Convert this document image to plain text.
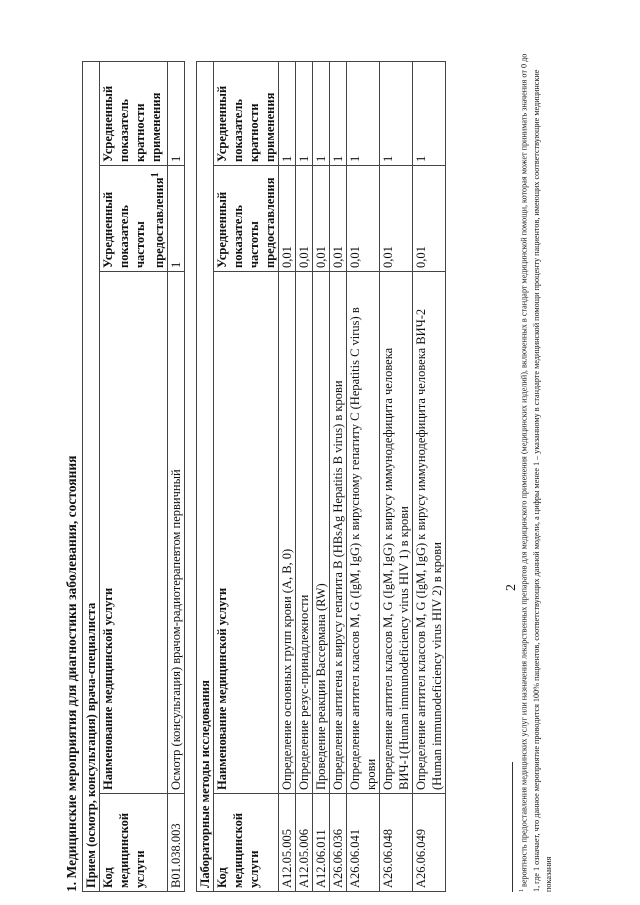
1. Медицинские мероприятия для диагностики заболевания, состояния Прием (осмотр, консультация) врача-специалиста			
Код медицинской услуги	Наименование медицинской услуги	Усредненный показатель частоты предоставления$^1$	Усредненный показатель кратности применения
B01.038.003	Осмотр (консультация) врачом-радиотерапевтом первичный	1	1
Лабораторные методы исследования			
Код медицинской услуги	Наименование медицинской услуги	Усредненный показатель частоты предоставления	Усредненный показатель кратности применения
A12.05.005	Определение основных групп крови (A, B, 0)	0,01	1
A12.05.006	Определение резус-принадлежности	0,01	1
A12.06.011	Проведение реакции Вассермана (RW)	0,01	1
A26.06.036	Определение антигена к вирусу гепатита B (HBsAg Hepatitis B virus) в крови	0,01	1
A26.06.041	Определение антител классов M, G (IgM, IgG) к вирусному гепатиту C (Hepatitis C virus) в крови	0,01	1
A26.06.048	Определение антител классов M, G (IgM, IgG) к вирусу иммунодефицита человека ВИЧ-1(Human immunodeficiency virus HIV 1) в крови	0,01	1
A26.06.049	Определение антител классов M, G (IgM, IgG) к вирусу иммунодефицита человека ВИЧ-2 (Human immunodeficiency virus HIV 2) в крови	0,01	1
2
$^1$ вероятность предоставления медицинских услуг или назначения лекарственных препаратов для медицинского применения (медицинских изделий), включенных в стандарт медицинской помощи, которая может принимать значения от 0 до 1, где 1 означает, что данное мероприятие проводится 100% пациентов, соответствующих данной модели, а цифры менее 1 – указанному в стандарте медицинской помощи проценту пациентов, имеющих соответствующие медицинские показания
